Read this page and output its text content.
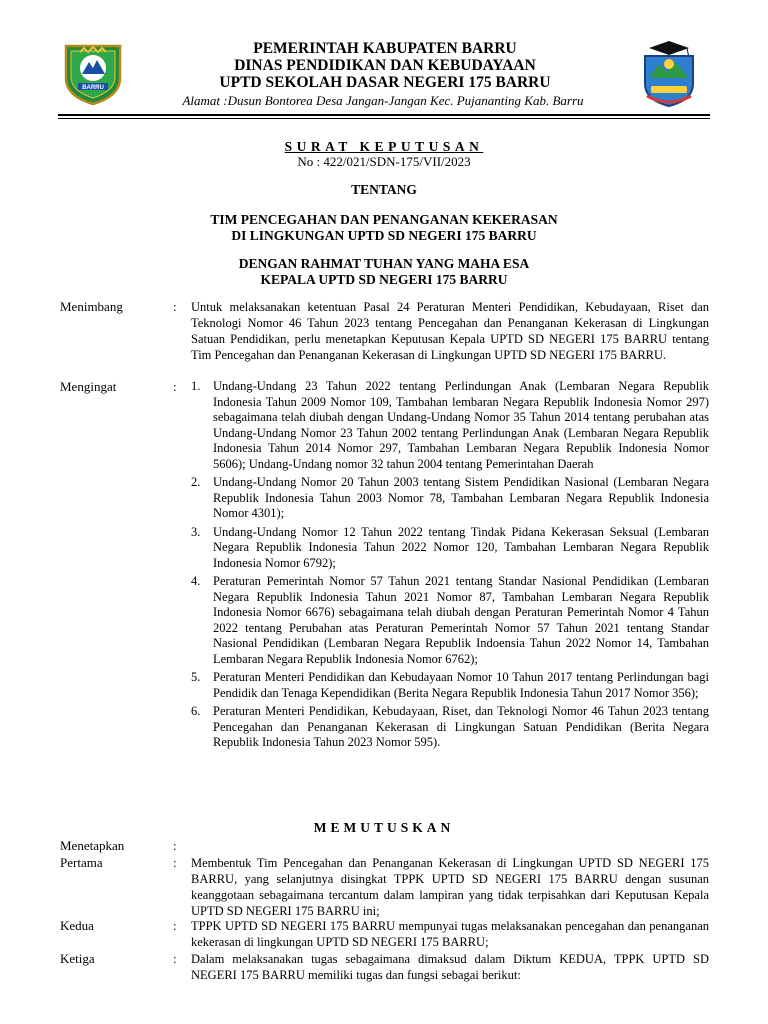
BARRU
PEMERINTAH KABUPATEN BARRU
DINAS PENDIDIKAN DAN KEBUDAYAAN
UPTD SEKOLAH DASAR NEGERI 175 BARRU
Alamat :Dusun Bontorea Desa Jangan-Jangan Kec. Pujananting Kab. Barru
SURAT KEPUTUSAN
No : 422/021/SDN-175/VII/2023
TENTANG
TIM PENCEGAHAN DAN PENANGANAN KEKERASAN
DI LINGKUNGAN UPTD SD NEGERI 175 BARRU
DENGAN RAHMAT TUHAN YANG MAHA ESA
KEPALA UPTD SD NEGERI 175 BARRU
Menimbang	: Untuk melaksanakan ketentuan Pasal 24 Peraturan Menteri Pendidikan, Kebudayaan, Riset dan Teknologi Nomor 46 Tahun 2023 tentang Pencegahan dan Penanganan Kekerasan di Lingkungan Satuan Pendidikan, perlu menetapkan Keputusan Kepala UPTD SD NEGERI 175 BARRU tentang Tim Pencegahan dan Penanganan Kekerasan di Lingkungan UPTD SD NEGERI 175 BARRU.
Mengingat	: 1. Undang-Undang 23 Tahun 2022 tentang Perlindungan Anak (Lembaran Negara Republik Indonesia Tahun 2009 Nomor 109, Tambahan lembaran Negara Republik Indonesia Nomor 297) sebagaimana telah diubah dengan Undang-Undang Nomor 35 Tahun 2014 tentang perubahan atas Undang-Undang Nomor 23 Tahun 2002 tentang Perlindungan Anak (Lembaran Negara Republik Indonesia Tahun 2014 Nomor 297, Tambahan Lembaran Negara Republik Indonesia Nomor 5606); Undang-Undang nomor 32 tahun 2004 tentang Pemerintahan Daerah
2. Undang-Undang Nomor 20 Tahun 2003 tentang Sistem Pendidikan Nasional (Lembaran Negara Republik Indonesia Tahun 2003 Nomor 78, Tambahan Lembaran Negara Republik Indonesia Nomor 4301);
3. Undang-Undang Nomor 12 Tahun 2022 tentang Tindak Pidana Kekerasan Seksual (Lembaran Negara Republik Indonesia Tahun 2022 Nomor 120, Tambahan Lembaran Negara Republik Indonesia Nomor 6792);
4. Peraturan Pemerintah Nomor 57 Tahun 2021 tentang Standar Nasional Pendidikan (Lembaran Negara Republik Indonesia Tahun 2021 Nomor 87, Tambahan Lembaran Negara Republik Indonesia Nomor 6676) sebagaimana telah diubah dengan Peraturan Pemerintah Nomor 4 Tahun 2022 tentang Perubahan atas Peraturan Pemerintah Nomor 57 Tahun 2021 tentang Standar Nasional Pendidikan (Lembaran Negara Republik Indoensia Tahun 2022 Nomor 14, Tambahan Lembaran Negara Republik Indonesia Nomor 6762);
5. Peraturan Menteri Pendidikan dan Kebudayaan Nomor 10 Tahun 2017 tentang Perlindungan bagi Pendidik dan Tenaga Kependidikan (Berita Negara Republik Indonesia Tahun 2017 Nomor 356);
6. Peraturan Menteri Pendidikan, Kebudayaan, Riset, dan Teknologi Nomor 46 Tahun 2023 tentang Pencegahan dan Penanganan Kekerasan di Lingkungan Satuan Pendidikan (Berita Negara Republik Indonesia Tahun 2023 Nomor 595).
MEMUTUSKAN
Menetapkan	:
Pertama	: Membentuk Tim Pencegahan dan Penanganan Kekerasan di Lingkungan UPTD SD NEGERI 175 BARRU, yang selanjutnya disingkat TPPK UPTD SD NEGERI 175 BARRU dengan susunan keanggotaan sebagaimana tercantum dalam lampiran yang tidak terpisahkan dari Keputusan Kepala UPTD SD NEGERI 175 BARRU ini;
Kedua	: TPPK UPTD SD NEGERI 175 BARRU mempunyai tugas melaksanakan pencegahan dan penanganan kekerasan di lingkungan UPTD SD NEGERI 175 BARRU;
Ketiga	: Dalam melaksanakan tugas sebagaimana dimaksud dalam Diktum KEDUA, TPPK UPTD SD NEGERI 175 BARRU memiliki tugas dan fungsi sebagai berikut:
